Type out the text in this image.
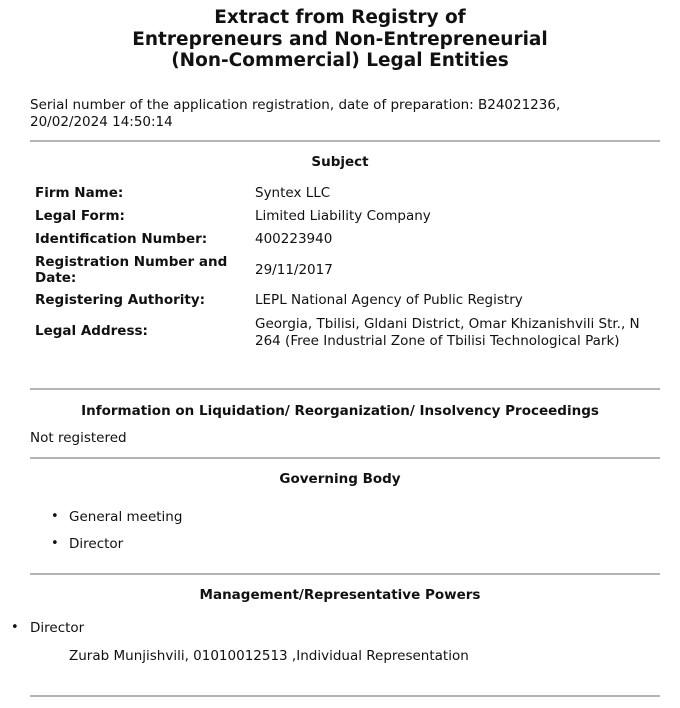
Extract from Registry of
Entrepreneurs and Non-Entrepreneurial
(Non-Commercial) Legal Entities
Serial number of the application registration, date of preparation: B24021236,
20/02/2024 14:50:14
Subject
Firm Name:	Syntex LLC
Legal Form:	Limited Liability Company
Identification Number:	400223940
Registration Number and Date:	29/11/2017
Registering Authority:	LEPL National Agency of Public Registry
Legal Address:	Georgia, Tbilisi, Gldani District, Omar Khizanishvili Str., N 264 (Free Industrial Zone of Tbilisi Technological Park)
Information on Liquidation/ Reorganization/ Insolvency Proceedings
Not registered
Governing Body
• General meeting
• Director
Management/Representative Powers
• Director
Zurab Munjishvili, 01010012513 ,Individual Representation
